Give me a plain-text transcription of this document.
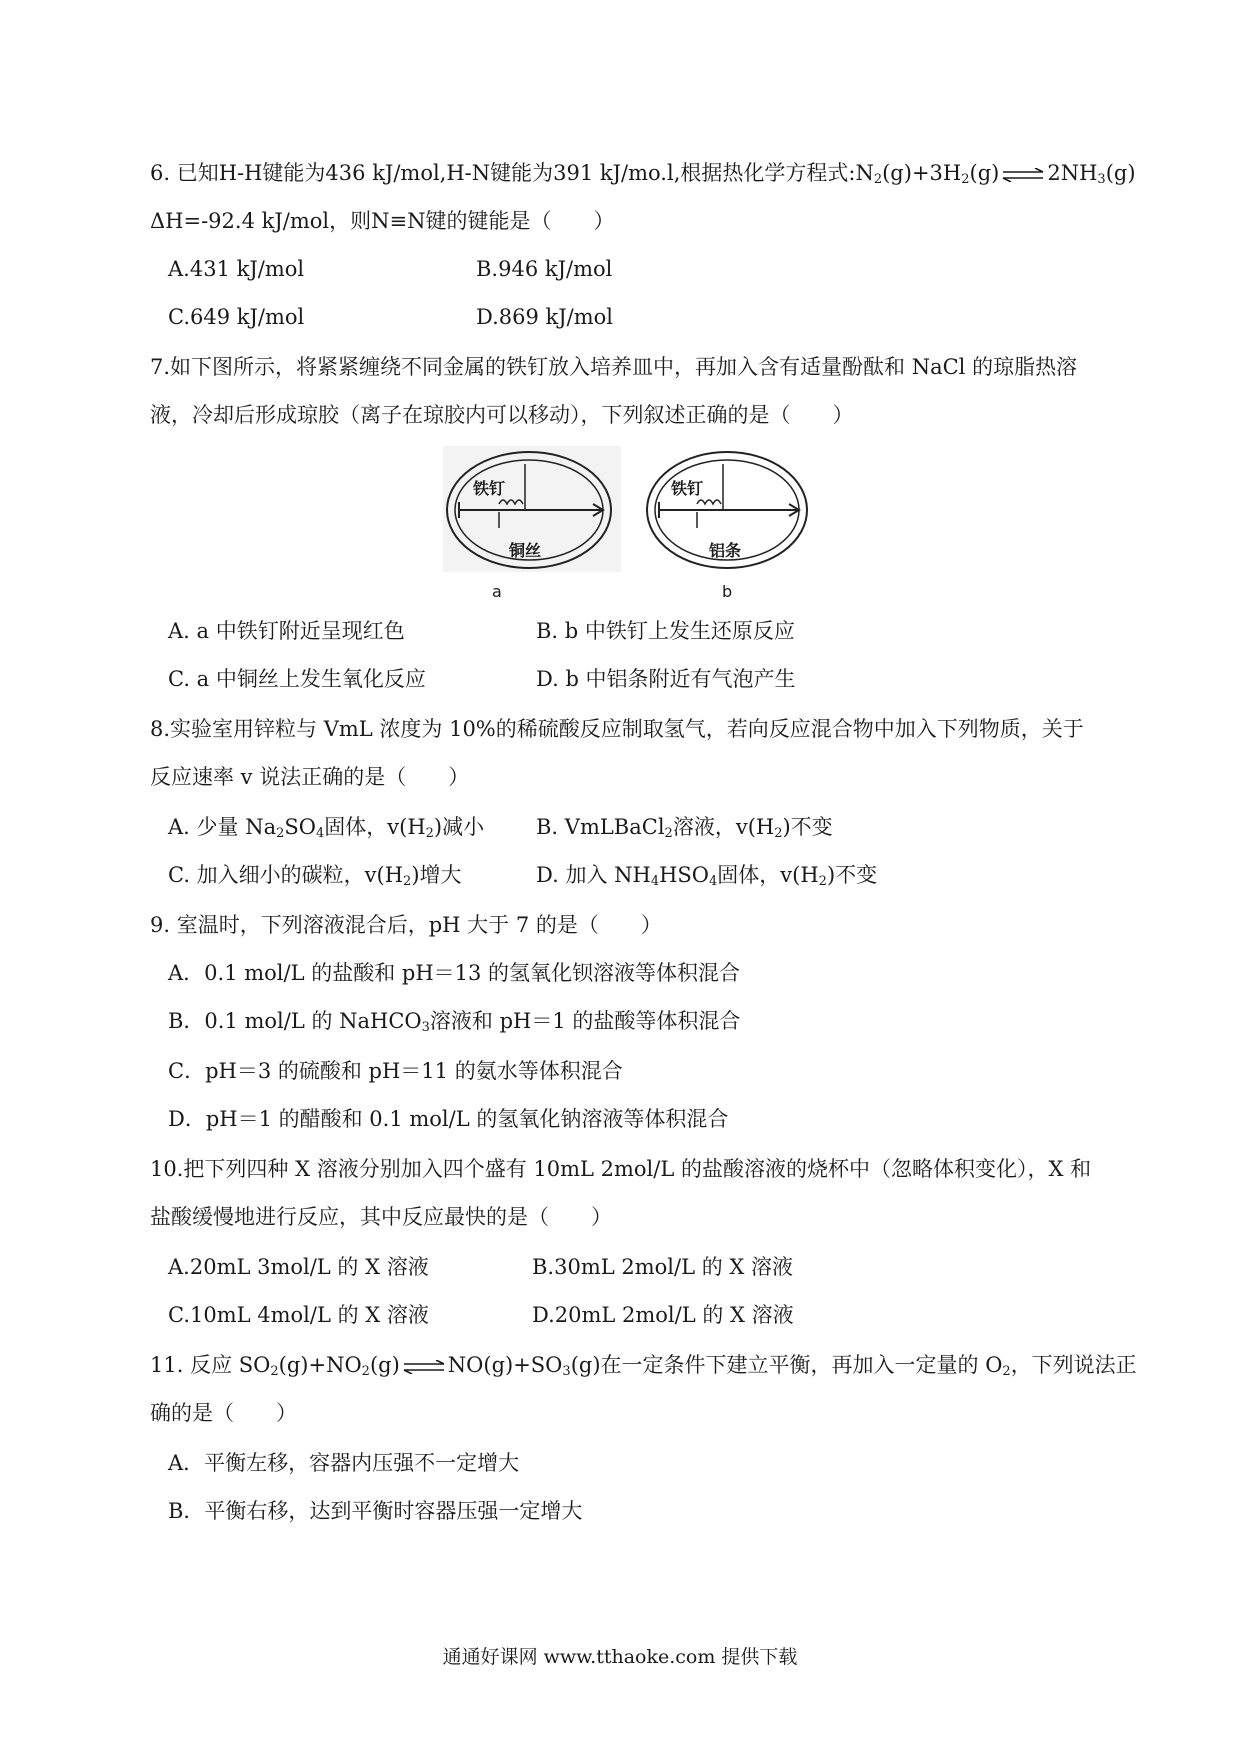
6. 已知H-H键能为436 kJ/mol,H-N键能为391 kJ/mo.l,根据热化学方程式$:N_2(g)+3H_2(g)$ ⇌ $2NH_3(g)$
ΔH=-92.4 kJ/mol，则N≡N键的键能是（　　）
A.431 kJ/mol	B.946 kJ/mol
C.649 kJ/mol	D.869 kJ/mol
7.如下图所示，将紧紧缠绕不同金属的铁钉放入培养皿中，再加入含有适量酚酞和 NaCl 的琼脂热溶
液，冷却后形成琼胶（离子在琼胶内可以移动），下列叙述正确的是（　　）
铁钉
铜丝
a
铁钉
铝条
b
A. a 中铁钉附近呈现红色	B. b 中铁钉上发生还原反应
C. a 中铜丝上发生氧化反应	D. b 中铝条附近有气泡产生
8.实验室用锌粒与 VmL 浓度为 10%的稀硫酸反应制取氢气，若向反应混合物中加入下列物质，关于
反应速率 v 说法正确的是（　　）
A. 少量 $Na_2SO_4$固体，$v(H_2)$减小 B. VmLBaCl$_2$溶液，$v(H_2)$不变
C. 加入细小的碳粒，$v(H_2)$增大	D. 加入 $NH_4HSO_4$固体，$v(H_2)$不变
9. 室温时，下列溶液混合后，pH 大于 7 的是（　　）
A．0.1 mol/L 的盐酸和 pH＝13 的氢氧化钡溶液等体积混合
B．0.1 mol/L 的 NaHCO$_3$溶液和 pH＝1 的盐酸等体积混合
C．pH＝3 的硫酸和 pH＝11 的氨水等体积混合
D．pH＝1 的醋酸和 0.1 mol/L 的氢氧化钠溶液等体积混合
10.把下列四种 X 溶液分别加入四个盛有 10mL 2mol/L 的盐酸溶液的烧杯中（忽略体积变化），X 和
盐酸缓慢地进行反应，其中反应最快的是（　　）
A.20mL 3mol/L 的 X 溶液	B.30mL 2mol/L 的 X 溶液
C.10mL 4mol/L 的 X 溶液	D.20mL 2mol/L 的 X 溶液
11. 反应 $SO_2(g)+NO_2(g)$ ⇌ $NO(g)+SO_3(g)$在一定条件下建立平衡，再加入一定量的 $O_2$，下列说法正
确的是（　　）
A．平衡左移，容器内压强不一定增大
B．平衡右移，达到平衡时容器压强一定增大
通通好课网 www.tthaoke.com 提供下载
